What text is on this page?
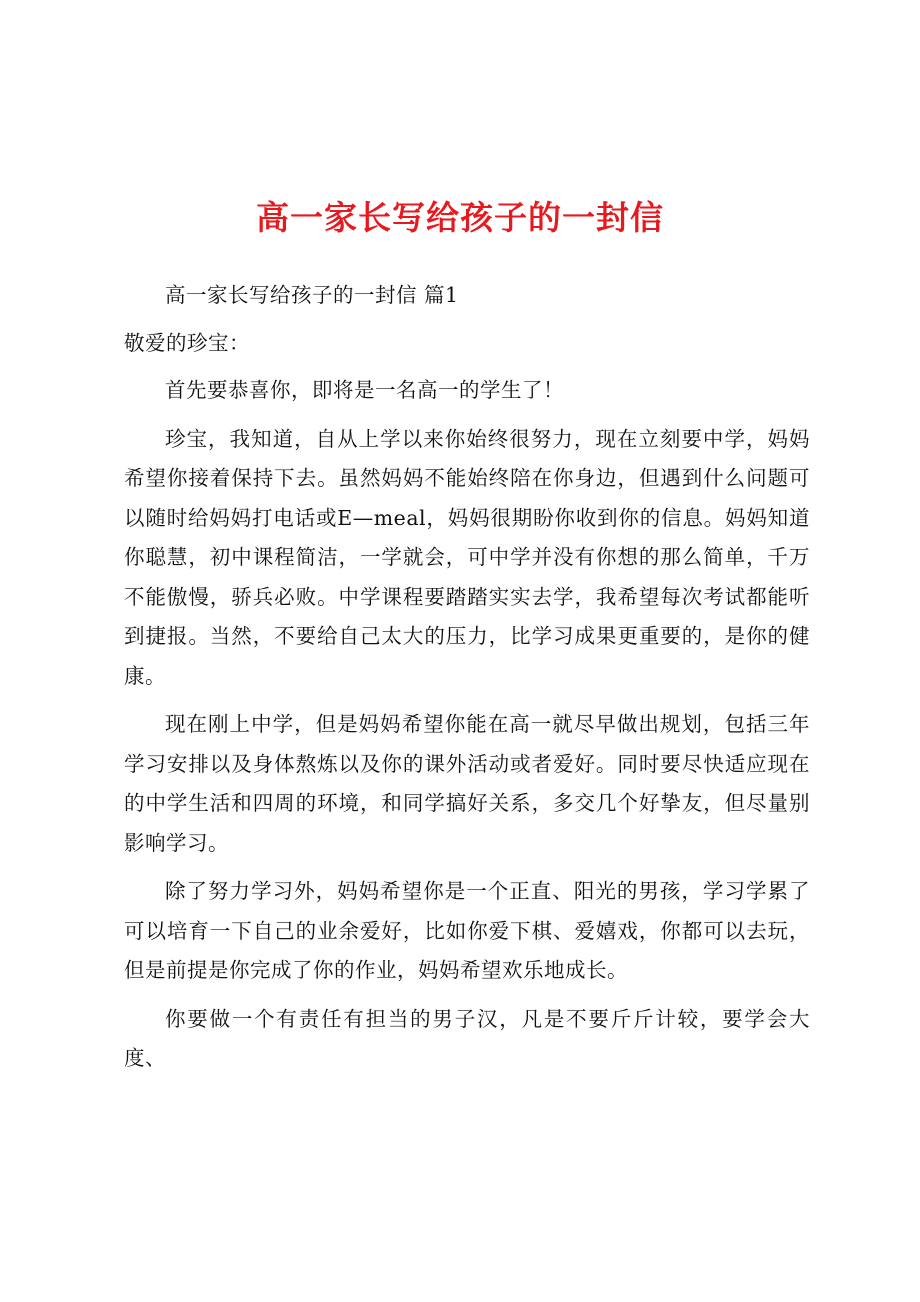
高一家长写给孩子的一封信

高一家长写给孩子的一封信 篇1

敬爱的珍宝：

首先要恭喜你，即将是一名高一的学生了！

珍宝，我知道，自从上学以来你始终很努力，现在立刻要中学，妈妈希望你接着保持下去。虽然妈妈不能始终陪在你身边，但遇到什么问题可以随时给妈妈打电话或E—meal，妈妈很期盼你收到你的信息。妈妈知道你聪慧，初中课程简洁，一学就会，可中学并没有你想的那么简单，千万不能傲慢，骄兵必败。中学课程要踏踏实实去学，我希望每次考试都能听到捷报。当然，不要给自己太大的压力，比学习成果更重要的，是你的健康。

现在刚上中学，但是妈妈希望你能在高一就尽早做出规划，包括三年学习安排以及身体熬炼以及你的课外活动或者爱好。同时要尽快适应现在的中学生活和四周的环境，和同学搞好关系，多交几个好挚友，但尽量别影响学习。

除了努力学习外，妈妈希望你是一个正直、阳光的男孩，学习学累了可以培育一下自己的业余爱好，比如你爱下棋、爱嬉戏，你都可以去玩，但是前提是你完成了你的作业，妈妈希望欢乐地成长。

你要做一个有责任有担当的男子汉，凡是不要斤斤计较，要学会大度、
